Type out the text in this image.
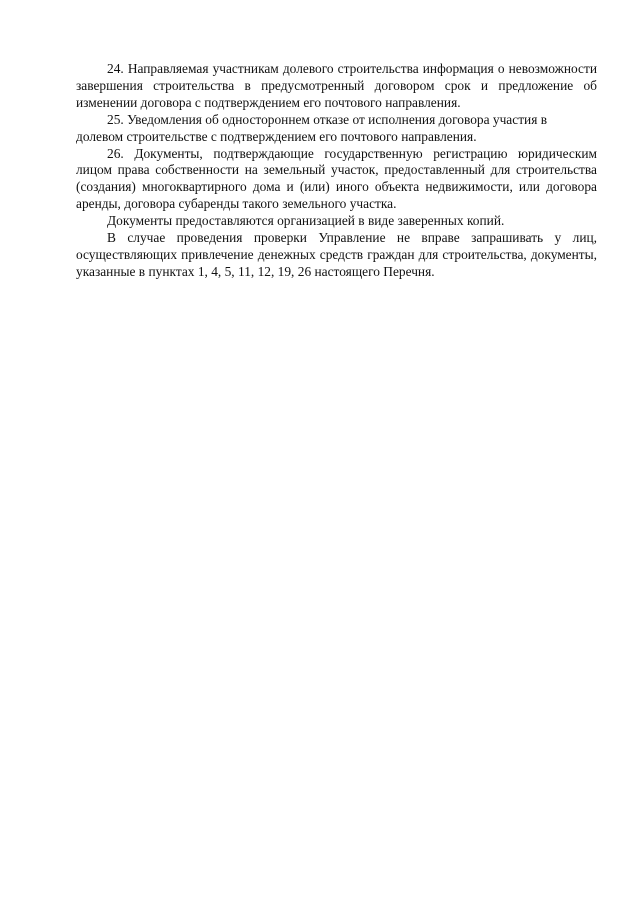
24. Направляемая участникам долевого строительства информация о невозможности завершения строительства в предусмотренный договором срок и предложение об изменении договора с подтверждением его почтового направления.

25. Уведомления об одностороннем отказе от исполнения договора участия в долевом строительстве с подтверждением его почтового направления.

26. Документы, подтверждающие государственную регистрацию юридическим лицом права собственности на земельный участок, предоставленный для строительства (создания) многоквартирного дома и (или) иного объекта недвижимости, или договора аренды, договора субаренды такого земельного участка.

Документы предоставляются организацией в виде заверенных копий.

В случае проведения проверки Управление не вправе запрашивать у лиц, осуществляющих привлечение денежных средств граждан для строительства, документы, указанные в пунктах 1, 4, 5, 11, 12, 19, 26 настоящего Перечня.
